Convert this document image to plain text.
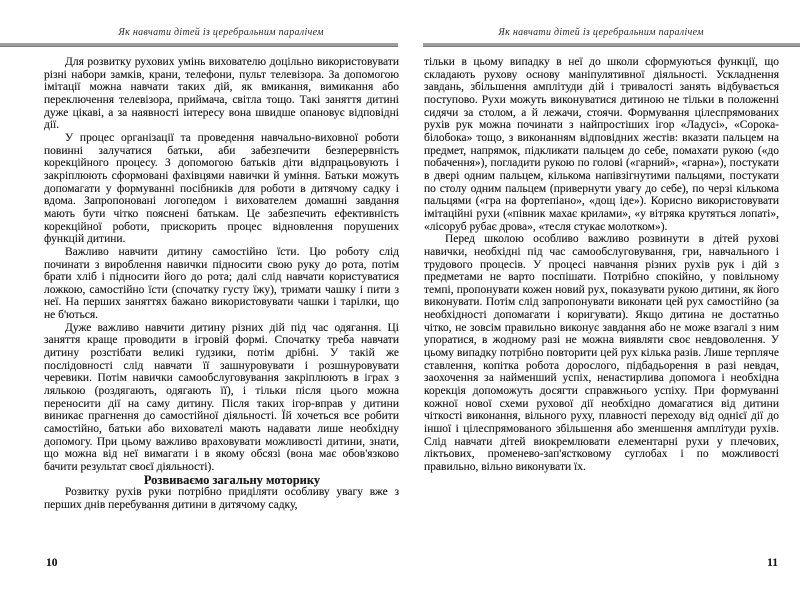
Як навчати дітей із церебральним паралічем	Як навчати дітей із церебральним паралічем

Для розвитку рухових умінь вихователю доцільно використовувати різні набори замків, крани, телефони, пульт телевізора. За допомогою імітації можна навчати таких дій, як вмикання, вимикання або переключення телевізора, приймача, світла тощо. Такі заняття дитині дуже цікаві, а за наявності інтересу вона швидше опановує відповідні дії.

У процес організації та проведення навчально-виховної роботи повинні залучатися батьки, аби забезпечити безперервність корекційного процесу. З допомогою батьків діти відпрацьовують і закріплюють сформовані фахівцями навички й уміння. Батьки можуть допомагати у формуванні посібників для роботи в дитячому садку і вдома. Запропоновані логопедом і вихователем домашні завдання мають бути чітко пояснені батькам. Це забезпечить ефективність корекційної роботи, прискорить процес відновлення порушених функцій дитини.

Важливо навчити дитину самостійно їсти. Цю роботу слід починати з вироблення навички підносити свою руку до рота, потім брати хліб і підносити його до рота; далі слід навчати користуватися ложкою, самостійно їсти (спочатку густу їжу), тримати чашку і пити з неї. На перших заняттях бажано використовувати чашки і тарілки, що не б'ються.

Дуже важливо навчити дитину різних дій під час одягання. Ці заняття краще проводити в ігровій формі. Спочатку треба навчати дитину розстібати великі ґудзики, потім дрібні. У такій же послідовності слід навчати її зашнуровувати і розшнуровувати черевики. Потім навички самообслуговування закріплюють в іграх з лялькою (роздягають, одягають її), і тільки після цього можна переносити дії на саму дитину. Після таких ігор-вправ у дитини виникає прагнення до самостійної діяльності. Їй хочеться все робити самостійно, батьки або вихователі мають надавати лише необхідну допомогу. При цьому важливо враховувати можливості дитини, знати, що можна від неї вимагати і в якому обсязі (вона має обов'язково бачити результат своєї діяльності).

Розвиваємо загальну моторику

Розвитку рухів руки потрібно приділяти особливу увагу вже з перших днів перебування дитини в дитячому садку,

тільки в цьому випадку в неї до школи сформуються функції, що складають рухову основу маніпулятивної діяльності. Ускладнення завдань, збільшення амплітуди дій і тривалості занять відбувається поступово. Рухи можуть виконуватися дитиною не тільки в положенні сидячи за столом, а й лежачи, стоячи. Формування цілеспрямованих рухів рук можна починати з найпростіших ігор «Ладусі», «Сорока-білобока» тощо, з виконанням відповідних жестів: вказати пальцем на предмет, напрямок, підкликати пальцем до себе, помахати рукою («до побачення»), погладити рукою по голові («гарний», «гарна»), постукати в двері одним пальцем, кількома напівзігнутими пальцями, постукати по столу одним пальцем (привернути увагу до себе), по черзі кількома пальцями («гра на фортепіано», «дощ іде»). Корисно використовувати імітаційні рухи («півник махає крилами», «у вітряка крутяться лопаті», «лісоруб рубає дрова», «тесля стукає молотком»).

Перед школою особливо важливо розвинути в дітей рухові навички, необхідні під час самообслуговування, гри, навчального і трудового процесів. У процесі навчання різних рухів рук і дій з предметами не варто поспішати. Потрібно спокійно, у повільному темпі, пропонувати кожен новий рух, показувати рукою дитини, як його виконувати. Потім слід запропонувати виконати цей рух самостійно (за необхідності допомагати і коригувати). Якщо дитина не достатньо чітко, не зовсім правильно виконує завдання або не може взагалі з ним упоратися, в жодному разі не можна виявляти своє невдоволення. У цьому випадку потрібно повторити цей рух кілька разів. Лише терпляче ставлення, копітка робота дорослого, підбадьорення в разі невдач, заохочення за найменший успіх, ненастирлива допомога і необхідна корекція допоможуть досягти справжнього успіху. При формуванні кожної нової схеми рухової дії необхідно домагатися від дитини чіткості виконання, вільного руху, плавності переходу від однієї дії до іншої і цілеспрямованого збільшення або зменшення амплітуди рухів. Слід навчати дітей виокремлювати елементарні рухи у плечових, ліктьових, променево-зап'ястковому суглобах і по можливості правильно, вільно виконувати їх.

10	11
